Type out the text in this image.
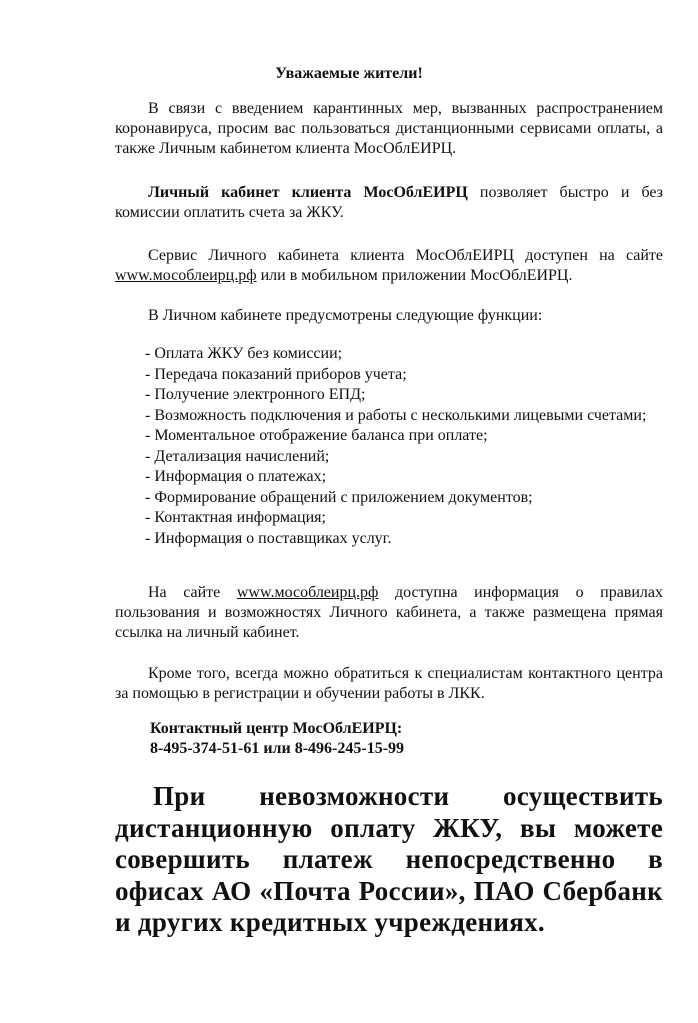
Уважаемые жители!
В связи с введением карантинных мер, вызванных распространением коронавируса, просим вас пользоваться дистанционными сервисами оплаты, а также Личным кабинетом клиента МосОблЕИРЦ.
Личный кабинет клиента МосОблЕИРЦ позволяет быстро и без комиссии оплатить счета за ЖКУ.
Сервис Личного кабинета клиента МосОблЕИРЦ доступен на сайте www.мособлеирц.рф или в мобильном приложении МосОблЕИРЦ.
В Личном кабинете предусмотрены следующие функции:
- Оплата ЖКУ без комиссии;
- Передача показаний приборов учета;
- Получение электронного ЕПД;
- Возможность подключения и работы с несколькими лицевыми счетами;
- Моментальное отображение баланса при оплате;
- Детализация начислений;
- Информация о платежах;
- Формирование обращений с приложением документов;
- Контактная информация;
- Информация о поставщиках услуг.
На сайте www.мособлеирц.рф доступна информация о правилах пользования и возможностях Личного кабинета, а также размещена прямая ссылка на личный кабинет.
Кроме того, всегда можно обратиться к специалистам контактного центра за помощью в регистрации и обучении работы в ЛКК.
Контактный центр МосОблЕИРЦ:
8-495-374-51-61 или 8-496-245-15-99
При невозможности осуществить дистанционную оплату ЖКУ, вы можете совершить платеж непосредственно в офисах АО «Почта России», ПАО Сбербанк и других кредитных учреждениях.
